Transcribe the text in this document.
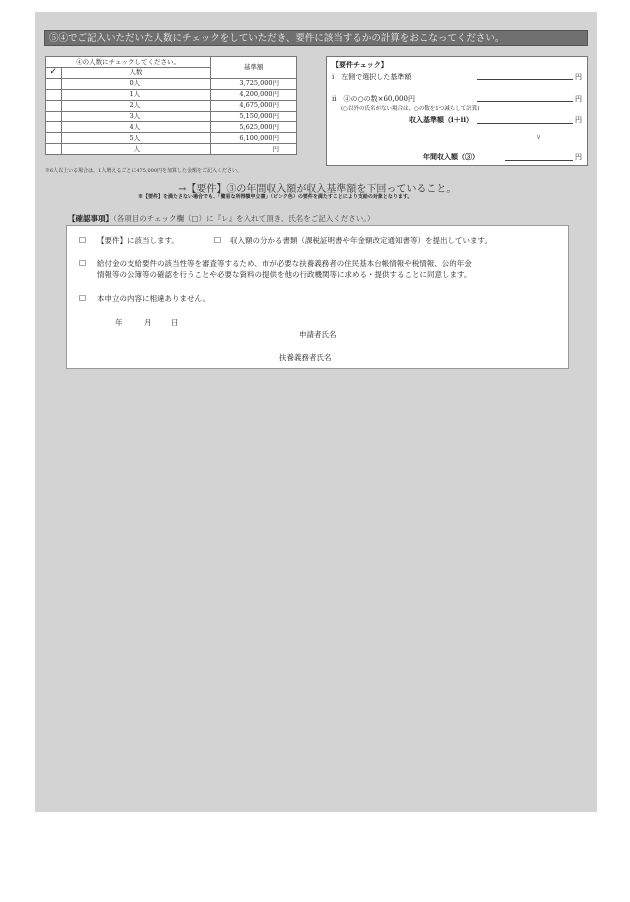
⑤④でご記入いただいた人数にチェックをしていただき、要件に該当するかの計算をおこなってください。
④の人数にチェックしてください。		基準額
✓	人数	
	0人	3,725,000円
	1人	4,200,000円
	2人	4,675,000円
	3人	5,150,000円
	4人	5,625,000円
	5人	6,100,000円
	人	円
※6人以上いる場合は、1人増えるごとに475,000円を加算した金額をご記入ください。
【要件チェック】
i　左側で選択した基準額	円
ii　④の○の数×60,000円	円
(○以外の氏名がない場合は、○の数を1つ減らして計算)
収入基準額（i＋ii）	円
∨
年間収入額（③）	円
→【要件】③の年間収入額が収入基準額を下回っていること。
※【要件】を満たさない場合でも、「簡易な所得額申立書」（ピンク色）の要件を満たすことにより支給の対象となります。
【確認事項】（各項目のチェック欄（□）に『レ』を入れて頂き、氏名をご記入ください。）
□ 【要件】に該当します。	□ 収入額の分かる書類（課税証明書や年金額改定通知書等）を提出しています。
□ 給付金の支給要件の該当性等を審査等するため、市が必要な扶養義務者の住民基本台帳情報や税情報、公的年金
情報等の公簿等の確認を行うことや必要な資料の提供を他の行政機関等に求める・提供することに同意します。
□ 本申立の内容に相違ありません。
年	月	日
申請者氏名
扶養義務者氏名
